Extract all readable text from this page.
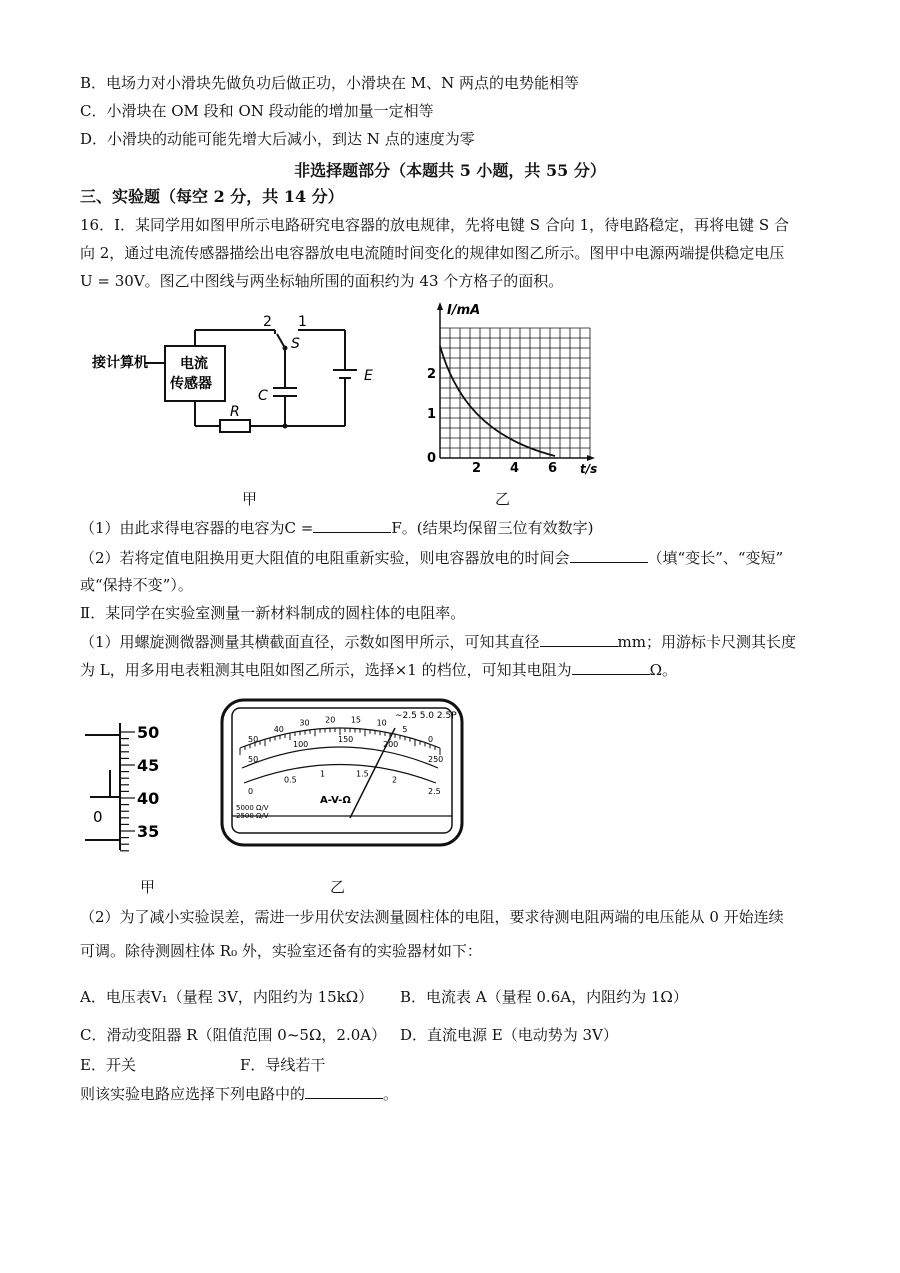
B．电场力对小滑块先做负功后做正功，小滑块在 M、N 两点的电势能相等
C．小滑块在 OM 段和 ON 段动能的增加量一定相等
D．小滑块的动能可能先增大后减小，到达 N 点的速度为零
非选择题部分（本题共 5 小题，共 55 分）
三、实验题（每空 2 分，共 14 分）
16．Ⅰ．某同学用如图甲所示电路研究电容器的放电规律，先将电键 S 合向 1，待电路稳定，再将电键 S 合
向 2，通过电流传感器描绘出电容器放电电流随时间变化的规律如图乙所示。图甲中电源两端提供稳定电压
U = 30V。图乙中图线与两坐标轴所围的面积约为 43 个方格子的面积。
接计算机 电流
传感器
R
C
E
S
2 1
I/mA
t/s
2
1
0
2 4 6
甲	乙
（1）由此求得电容器的电容为C =	F。(结果均保留三位有效数字)
（2）若将定值电阻换用更大阻值的电阻重新实验，则电容器放电的时间会	（填“变长”、“变短”
或“保持不变”）。
Ⅱ．某同学在实验室测量一新材料制成的圆柱体的电阻率。
（1）用螺旋测微器测量其横截面直径，示数如图甲所示，可知其直径	mm；用游标卡尺测其长度
为 L，用多用电表粗测其电阻如图乙所示，选择×1 的档位，可知其电阻为	Ω。
50
45
40
35
0
50
40
30 20 15 10
5
0
∼2.5 5.0 2.5P
50
100
150
200
250
0
0.5
1	1.5
2
2.5
A-V-Ω
5000 Ω/V
2500 Ω/V
甲	乙
（2）为了减小实验误差，需进一步用伏安法测量圆柱体的电阻，要求待测电阻两端的电压能从 0 开始连续
可调。除待测圆柱体 R₀ 外，实验室还备有的实验器材如下：
A．电压表V₁（量程 3V，内阻约为 15kΩ） B．电流表 A（量程 0.6A，内阻约为 1Ω）
C．滑动变阻器 R（阻值范围 0~5Ω，2.0A） D．直流电源 E（电动势为 3V）
E．开关	F．导线若干
则该实验电路应选择下列电路中的	。
